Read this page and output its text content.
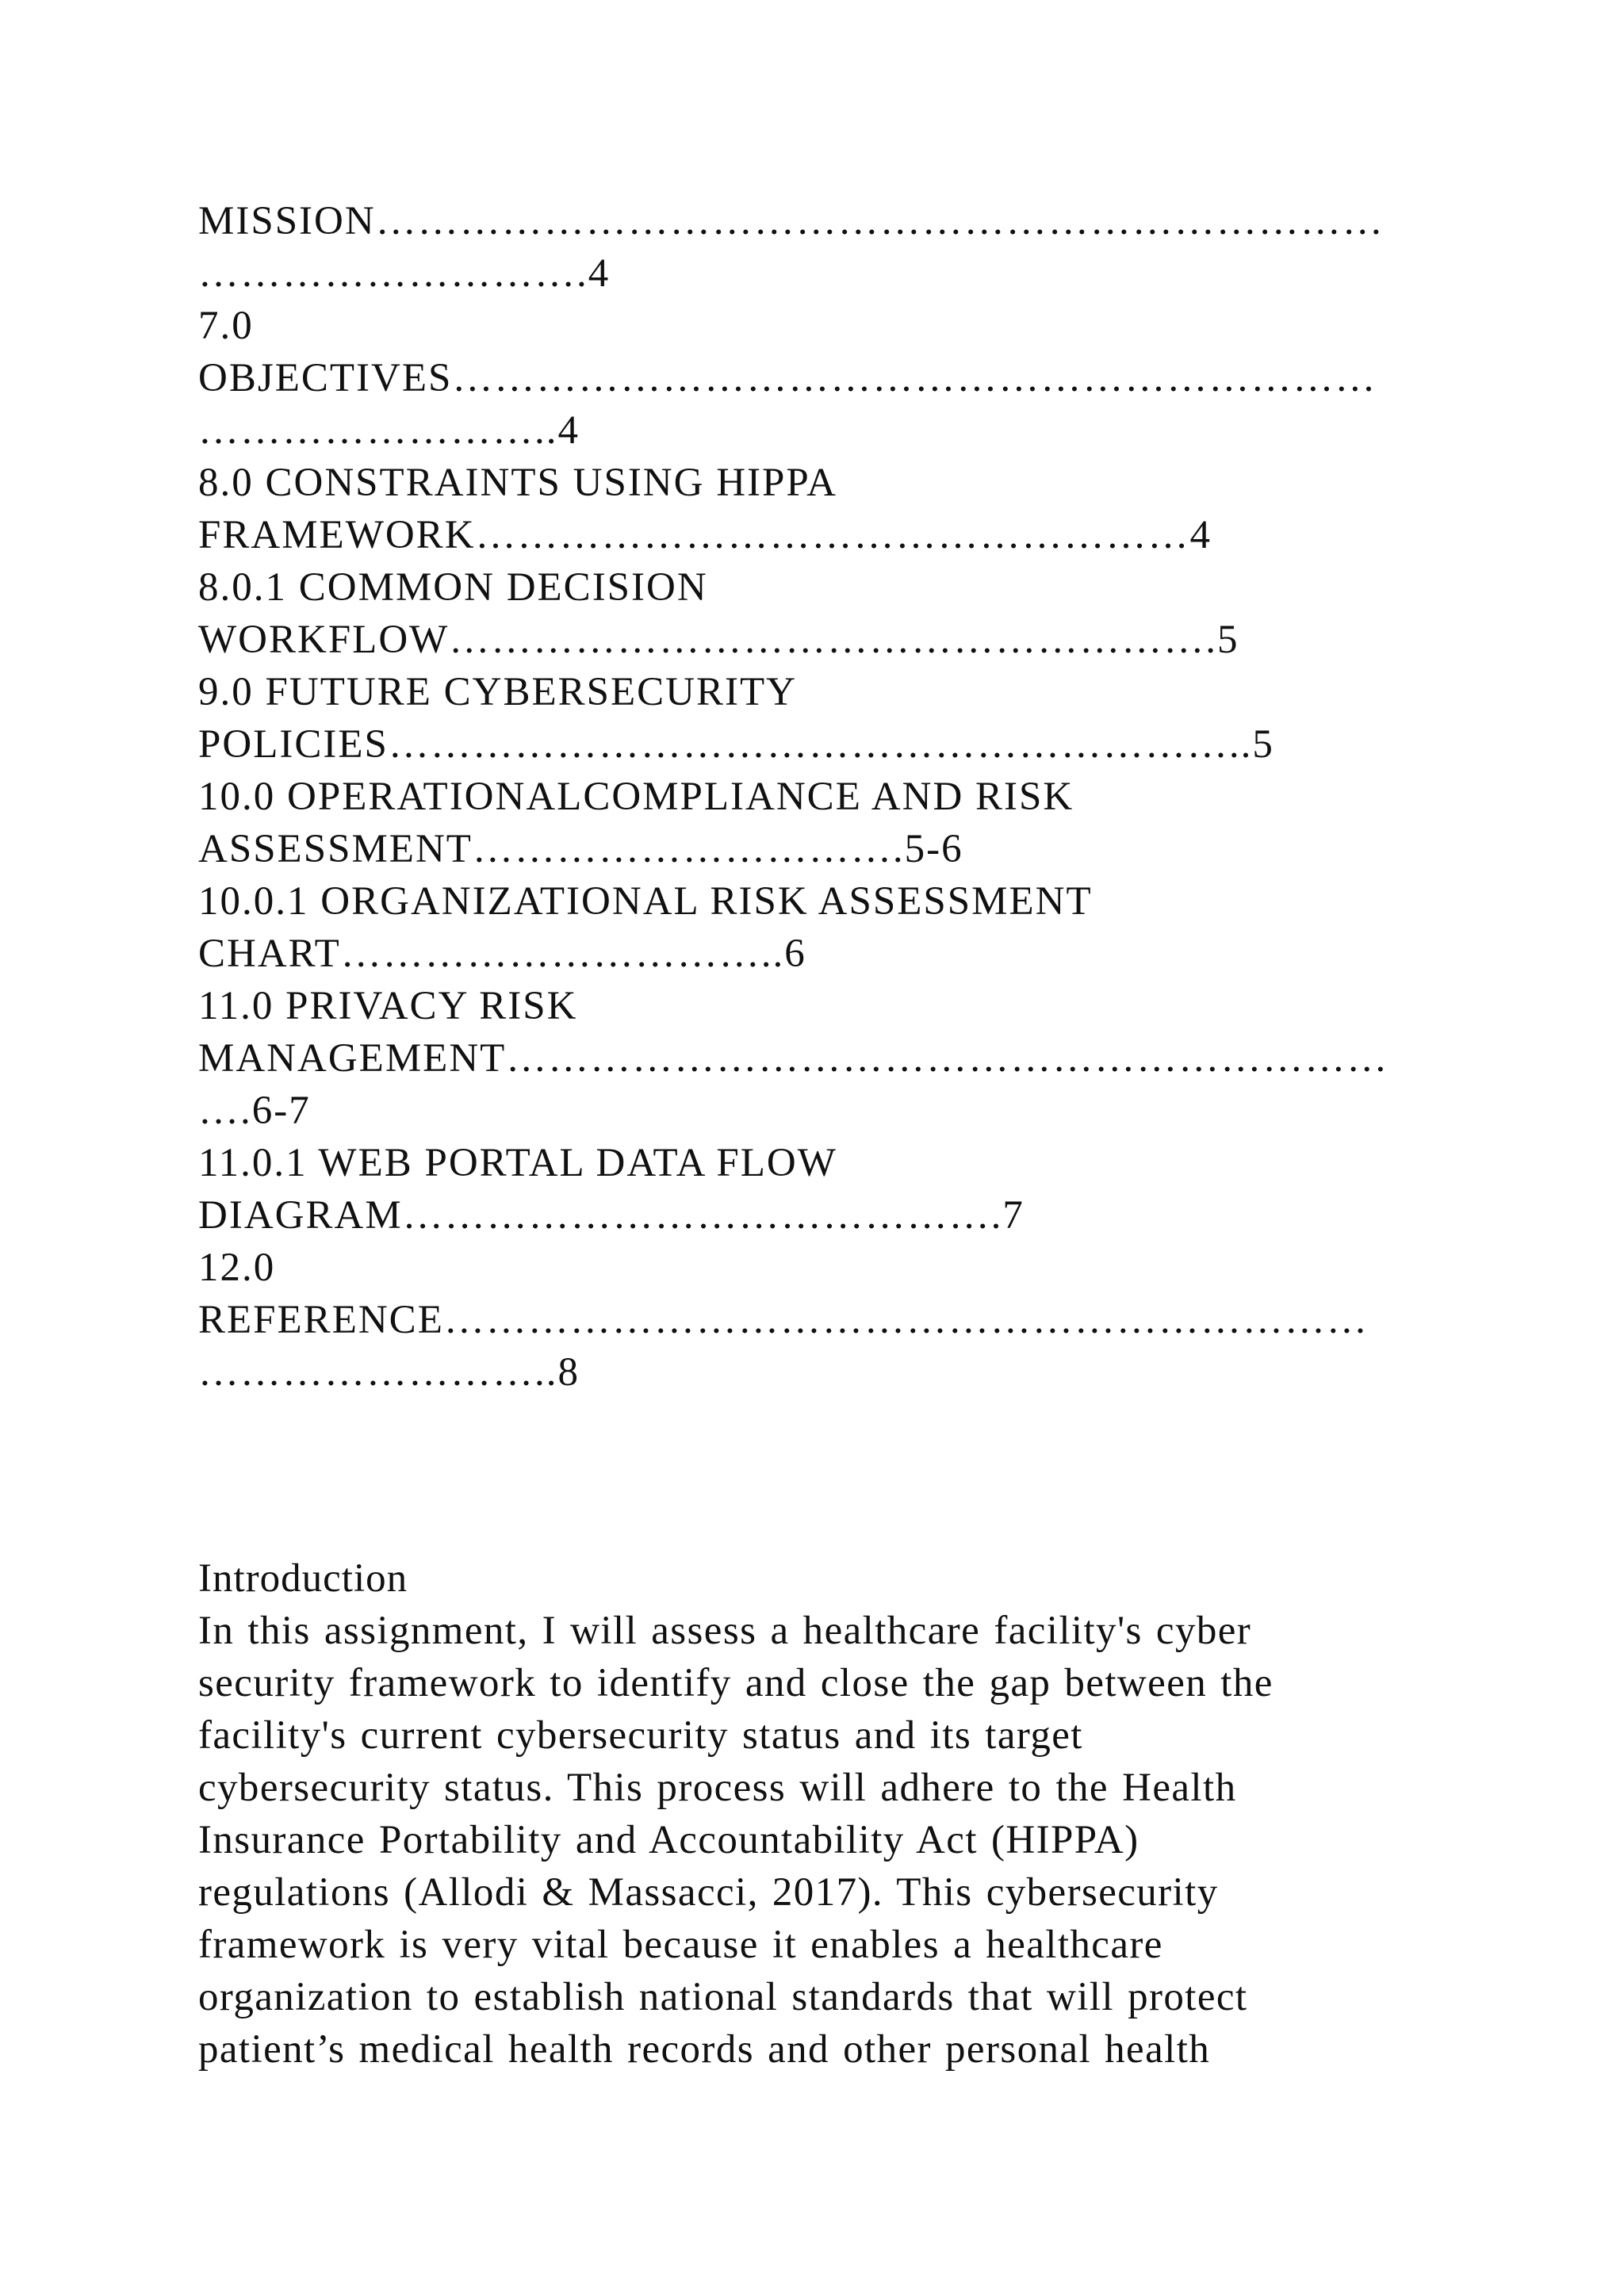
MISSION………………………………………………………………
……………………….4
7.0
OBJECTIVES…………………………………………………………
……………………..4
8.0 CONSTRAINTS USING HIPPA
FRAMEWORK……………………………………………4
8.0.1 COMMON DECISION
WORKFLOW……………………………………………….5
9.0 FUTURE CYBERSECURITY
POLICIES……………………………………………………..5
10.0 OPERATIONALCOMPLIANCE AND RISK
ASSESSMENT………………………….5-6
10.0.1 ORGANIZATIONAL RISK ASSESSMENT
CHART…………………………..6
11.0 PRIVACY RISK
MANAGEMENT………………………………………………………
….6-7
11.0.1 WEB PORTAL DATA FLOW
DIAGRAM…………………………………….7
12.0
REFERENCE…………………………………………………………
……………………..8
Introduction
In this assignment, I will assess a healthcare facility's cyber
security framework to identify and close the gap between the
facility's current cybersecurity status and its target
cybersecurity status. This process will adhere to the Health
Insurance Portability and Accountability Act (HIPPA)
regulations (Allodi & Massacci, 2017). This cybersecurity
framework is very vital because it enables a healthcare
organization to establish national standards that will protect
patient’s medical health records and other personal health
